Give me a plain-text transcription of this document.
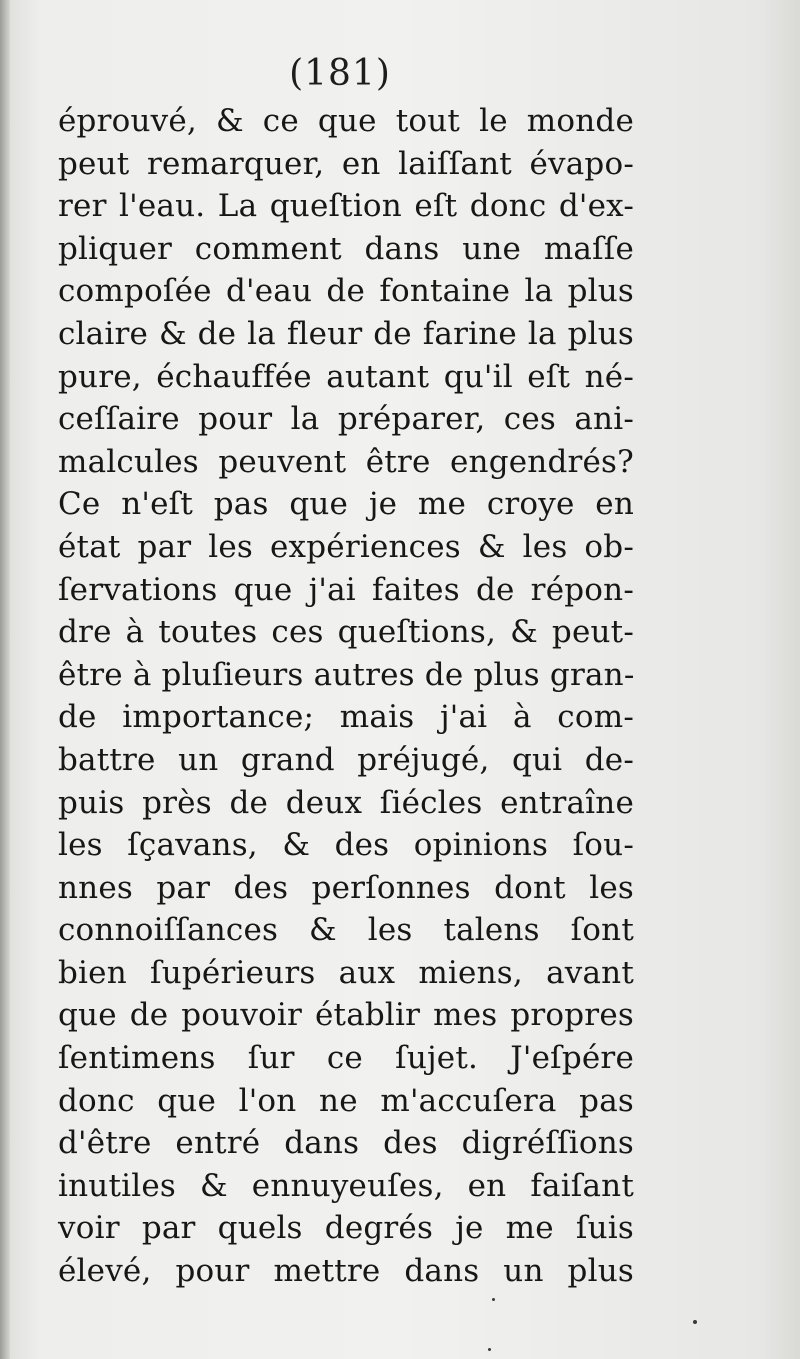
(181)
éprouvé, & ce que tout le monde
peut remarquer, en laiſſant évapo-
rer l'eau. La queſtion eſt donc d'ex-
pliquer comment dans une maſſe
compoſée d'eau de fontaine la plus
claire & de la fleur de farine la plus
pure, échauffée autant qu'il eſt né-
ceſſaire pour la préparer, ces ani-
malcules peuvent être engendrés?
Ce n'eſt pas que je me croye en
état par les expériences & les ob-
ſervations que j'ai faites de répon-
dre à toutes ces queſtions, & peut-
être à pluſieurs autres de plus gran-
de importance; mais j'ai à com-
battre un grand préjugé, qui de-
puis près de deux ſiécles entraîne
les ſçavans, & des opinions ſou-
nnes par des perſonnes dont les
connoiſſances & les talens ſont
bien ſupérieurs aux miens, avant
que de pouvoir établir mes propres
ſentimens ſur ce ſujet. J'eſpére
donc que l'on ne m'accuſera pas
d'être entré dans des digréſſions
inutiles & ennuyeuſes, en faiſant
voir par quels degrés je me ſuis
élevé, pour mettre dans un plus
